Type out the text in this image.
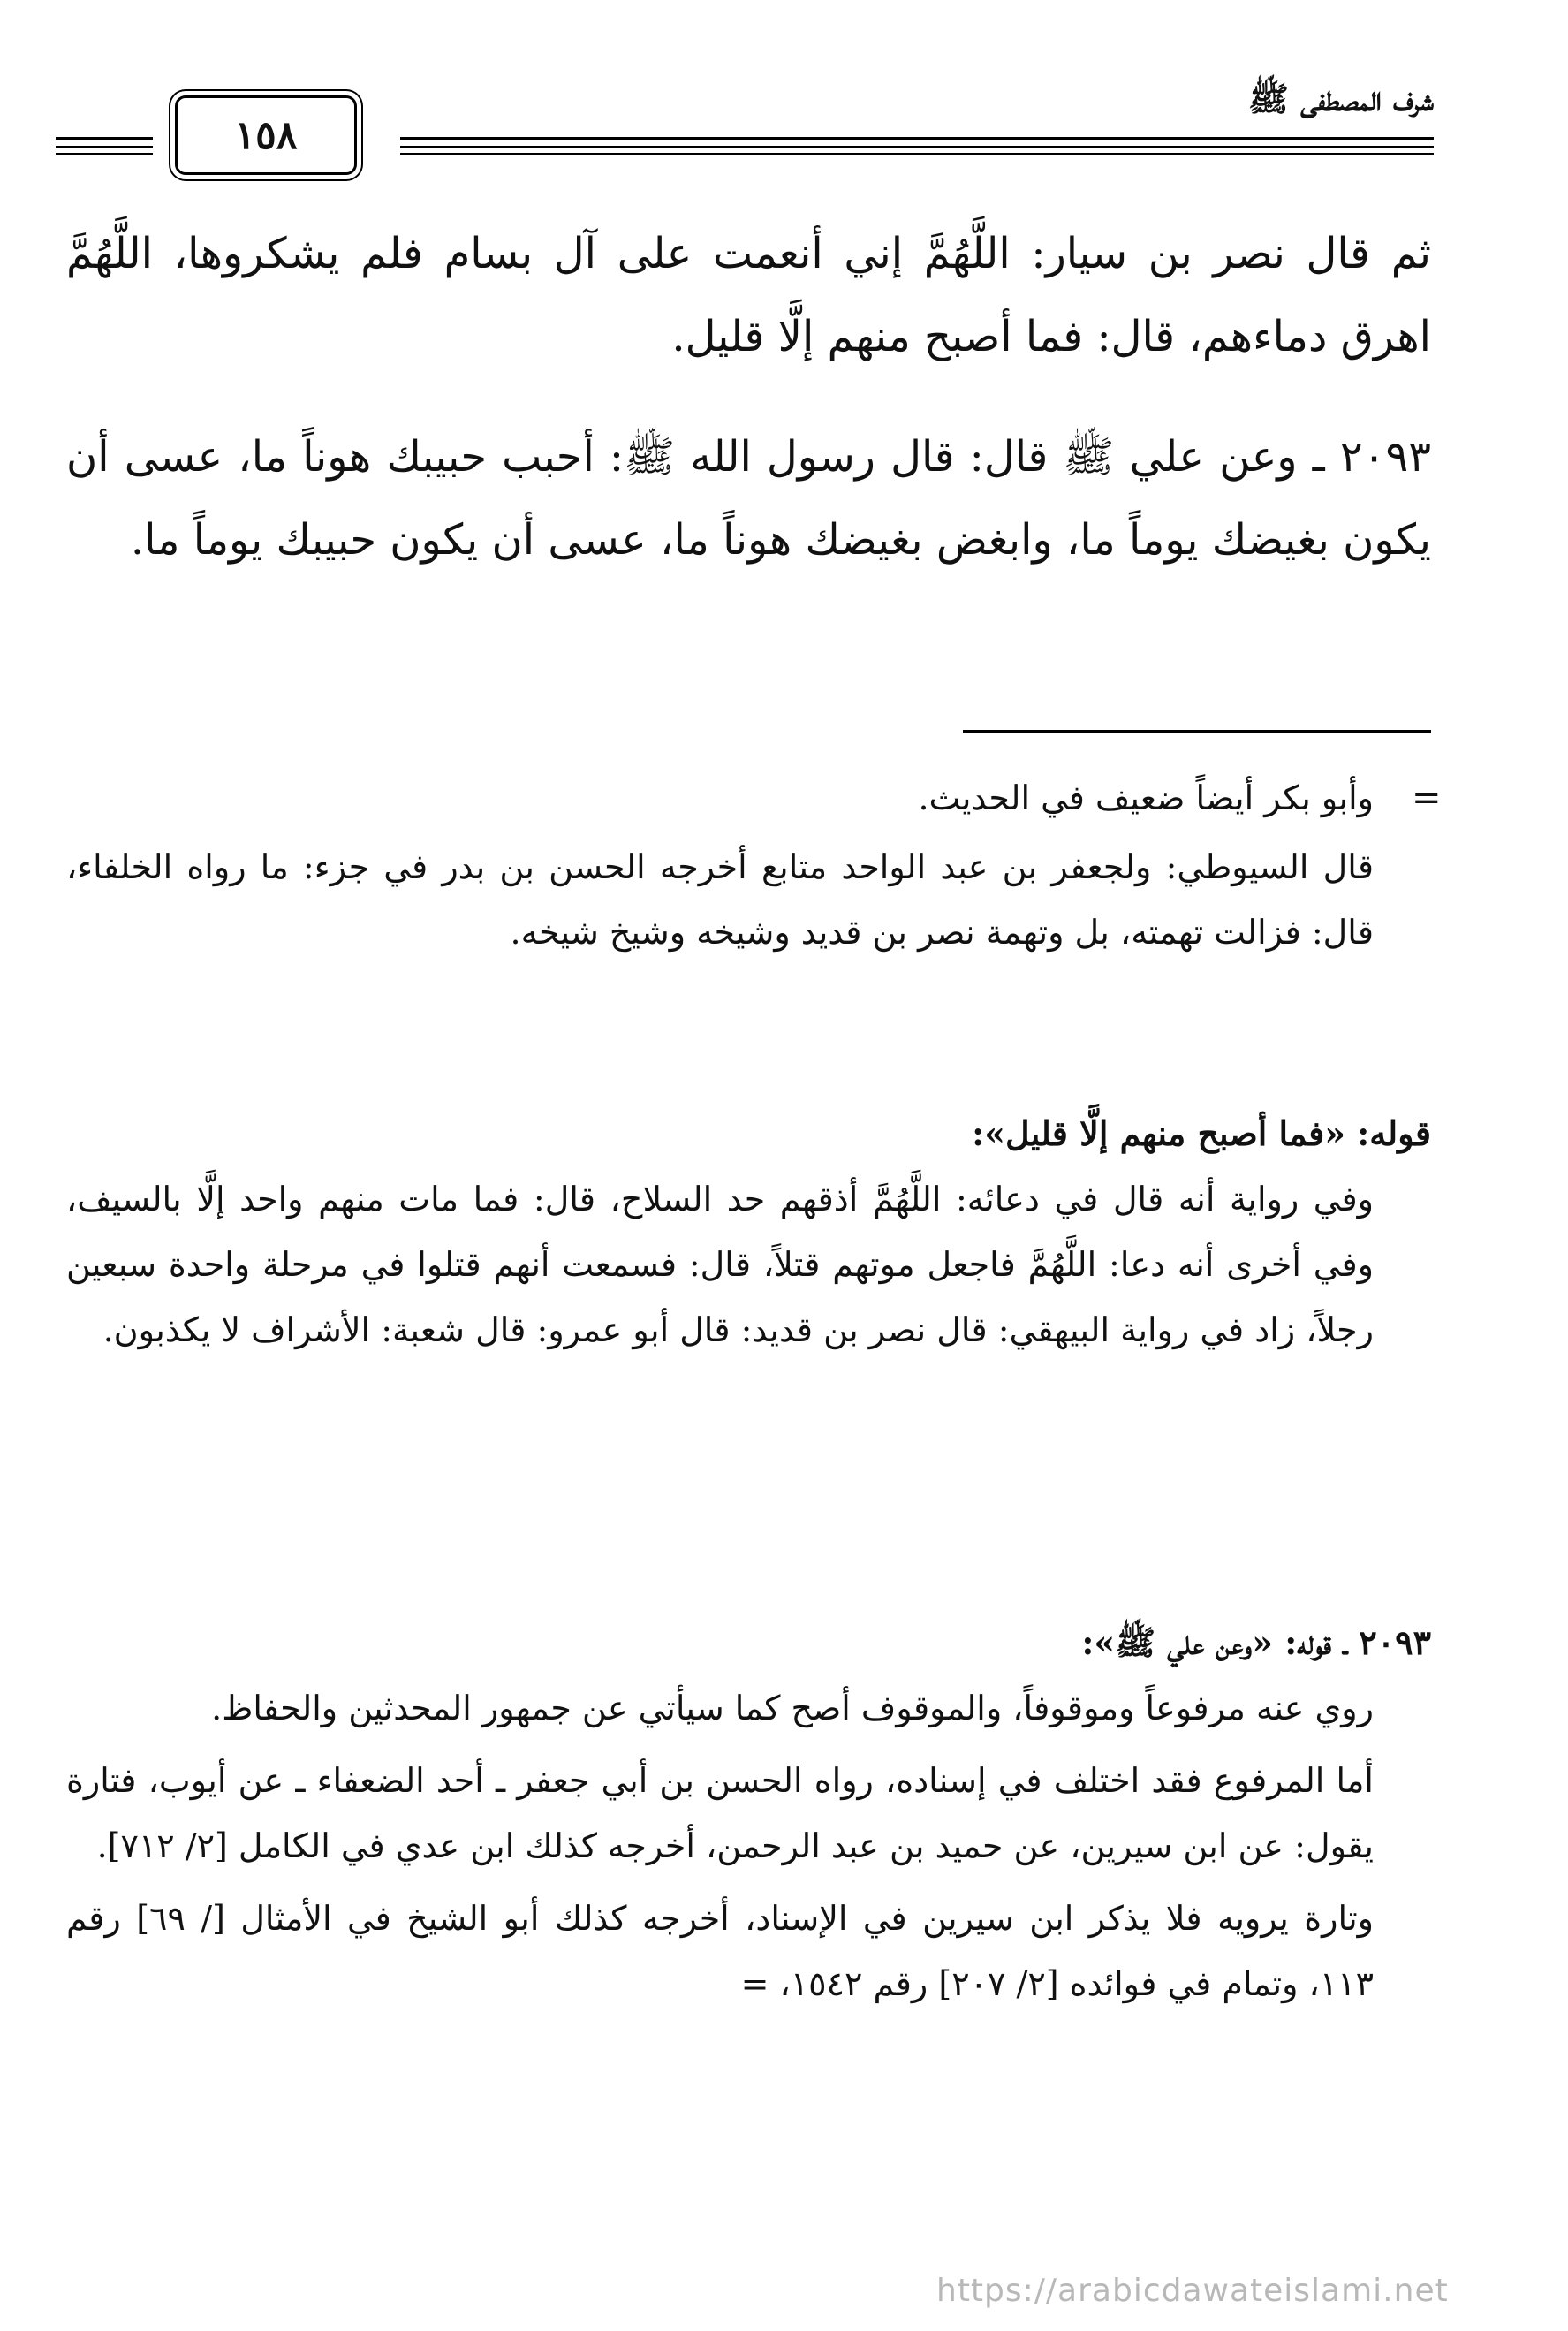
شرف المصطفى ﷺ
١٥٨

ثم قال نصر بن سيار: اللَّهُمَّ إني أنعمت على آل بسام فلم يشكروها، اللَّهُمَّ اهرق دماءهم، قال: فما أصبح منهم إلَّا قليل.

٢٠٩٣ ـ وعن علي ﷺ قال: قال رسول الله ﷺ: أحبب حبيبك هوناً ما، عسى أن يكون بغيضك يوماً ما، وابغض بغيضك هوناً ما، عسى أن يكون حبيبك يوماً ما.

=

وأبو بكر أيضاً ضعيف في الحديث.

قال السيوطي: ولجعفر بن عبد الواحد متابع أخرجه الحسن بن بدر في جزء: ما رواه الخلفاء، قال: فزالت تهمته، بل وتهمة نصر بن قديد وشيخه وشيخ شيخه.

قوله: «فما أصبح منهم إلَّا قليل»:

وفي رواية أنه قال في دعائه: اللَّهُمَّ أذقهم حد السلاح، قال: فما مات منهم واحد إلَّا بالسيف، وفي أخرى أنه دعا: اللَّهُمَّ فاجعل موتهم قتلاً، قال: فسمعت أنهم قتلوا في مرحلة واحدة سبعين رجلاً، زاد في رواية البيهقي: قال نصر بن قديد: قال أبو عمرو: قال شعبة: الأشراف لا يكذبون.

٢٠٩٣ ـ قوله: «وعن علي ﷺ»:

روي عنه مرفوعاً وموقوفاً، والموقوف أصح كما سيأتي عن جمهور المحدثين والحفاظ.

أما المرفوع فقد اختلف في إسناده، رواه الحسن بن أبي جعفر ـ أحد الضعفاء ـ عن أيوب، فتارة يقول: عن ابن سيرين، عن حميد بن عبد الرحمن، أخرجه كذلك ابن عدي في الكامل [٢/ ٧١٢].

وتارة يرويه فلا يذكر ابن سيرين في الإسناد، أخرجه كذلك أبو الشيخ في الأمثال [/ ٦٩] رقم ١١٣، وتمام في فوائده [٢/ ٢٠٧] رقم ١٥٤٢، =

https://arabicdawateislami.net
